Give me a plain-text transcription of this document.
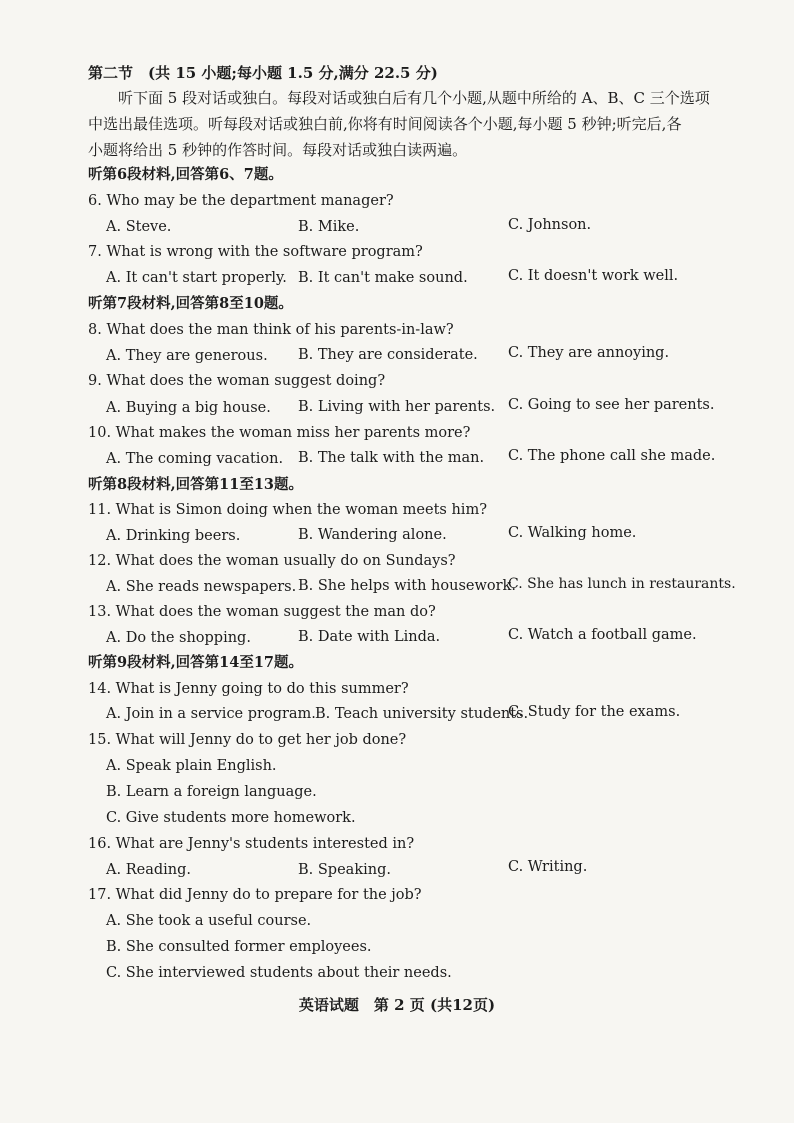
第二节　(共 15 小题;每小题 1.5 分,满分 22.5 分)
听下面 5 段对话或独白。每段对话或独白后有几个小题,从题中所给的 A、B、C 三个选项
中选出最佳选项。听每段对话或独白前,你将有时间阅读各个小题,每小题 5 秒钟;听完后,各
小题将给出 5 秒钟的作答时间。每段对话或独白读两遍。
听第6段材料,回答第6、7题。
6. Who may be the department manager?
A. Steve.	B. Mike.	C. Johnson.
7. What is wrong with the software program?
A. It can't start properly. B. It can't make sound.	C. It doesn't work well.
听第7段材料,回答第8至10题。
8. What does the man think of his parents-in-law?
A. They are generous. B. They are considerate. C. They are annoying.
9. What does the woman suggest doing?
A. Buying a big house. B. Living with her parents. C. Going to see her parents.
10. What makes the woman miss her parents more?
A. The coming vacation. B. The talk with the man. C. The phone call she made.
听第8段材料,回答第11至13题。
11. What is Simon doing when the woman meets him?
A. Drinking beers.	B. Wandering alone.	C. Walking home.
12. What does the woman usually do on Sundays?
A. She reads newspapers. B. She helps with housework.
C. She has lunch in restaurants.
13. What does the woman suggest the man do?
A. Do the shopping.	B. Date with Linda.	C. Watch a football game.
听第9段材料,回答第14至17题。
14. What is Jenny going to do this summer?
A. Join in a service program. B. Teach university students.
C. Study for the exams.
15. What will Jenny do to get her job done?
A. Speak plain English.
B. Learn a foreign language.
C. Give students more homework.
16. What are Jenny's students interested in?
A. Reading.	B. Speaking.	C. Writing.
17. What did Jenny do to prepare for the job?
A. She took a useful course.
B. She consulted former employees.
C. She interviewed students about their needs.
英语试题　第 2 页 (共12页)
